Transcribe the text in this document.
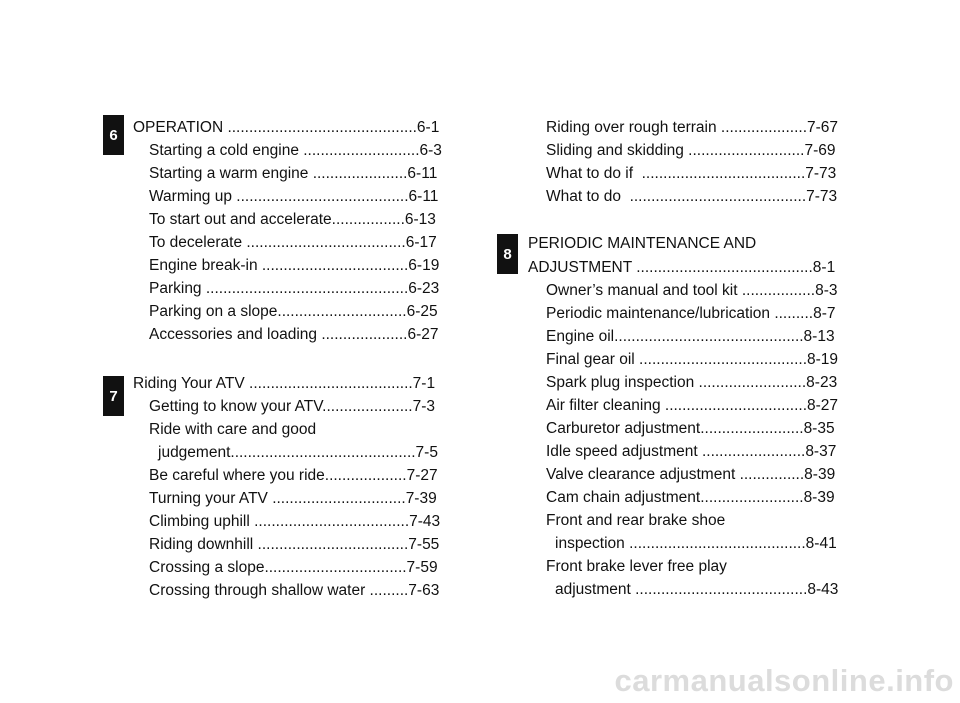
6
7
8
OPERATION ............................................6-1
Starting a cold engine ...........................6-3
Starting a warm engine ......................6-11
Warming up ........................................6-11
To start out and accelerate.................6-13
To decelerate .....................................6-17
Engine break-in ..................................6-19
Parking ...............................................6-23
Parking on a slope..............................6-25
Accessories and loading ....................6-27
Riding Your ATV ......................................7-1
Getting to know your ATV.....................7-3
Ride with care and good
judgement...........................................7-5
Be careful where you ride...................7-27
Turning your ATV ...............................7-39
Climbing uphill ....................................7-43
Riding downhill ...................................7-55
Crossing a slope.................................7-59
Crossing through shallow water .........7-63
Riding over rough terrain ....................7-67
Sliding and skidding ...........................7-69
What to do if  ......................................7-73
What to do  .........................................7-73
PERIODIC MAINTENANCE AND
ADJUSTMENT .........................................8-1
Owner’s manual and tool kit .................8-3
Periodic maintenance/lubrication .........8-7
Engine oil............................................8-13
Final gear oil .......................................8-19
Spark plug inspection .........................8-23
Air filter cleaning .................................8-27
Carburetor adjustment........................8-35
Idle speed adjustment ........................8-37
Valve clearance adjustment ...............8-39
Cam chain adjustment........................8-39
Front and rear brake shoe
inspection .........................................8-41
Front brake lever free play
adjustment ........................................8-43
carmanualsonline.info
